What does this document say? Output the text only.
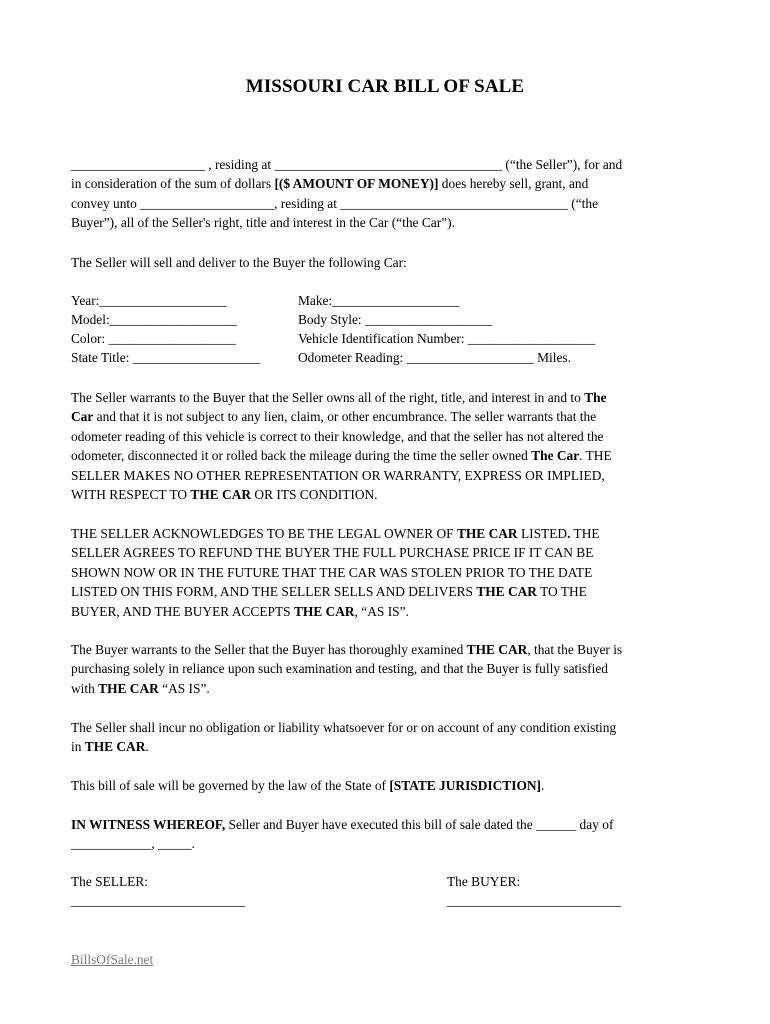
MISSOURI CAR BILL OF SALE
____________________ , residing at __________________________________ (“the Seller”), for and
in consideration of the sum of dollars [($ AMOUNT OF MONEY)] does hereby sell, grant, and
convey unto ____________________, residing at __________________________________ (“the
Buyer”), all of the Seller's right, title and interest in the Car (“the Car”).
The Seller will sell and deliver to the Buyer the following Car:
Year:___________________	Make:___________________
Model:___________________	Body Style: ___________________
Color: ___________________	Vehicle Identification Number: ___________________
State Title: ___________________	Odometer Reading: ___________________ Miles.
The Seller warrants to the Buyer that the Seller owns all of the right, title, and interest in and to The
Car and that it is not subject to any lien, claim, or other encumbrance. The seller warrants that the
odometer reading of this vehicle is correct to their knowledge, and that the seller has not altered the
odometer, disconnected it or rolled back the mileage during the time the seller owned The Car. THE
SELLER MAKES NO OTHER REPRESENTATION OR WARRANTY, EXPRESS OR IMPLIED,
WITH RESPECT TO THE CAR OR ITS CONDITION.
THE SELLER ACKNOWLEDGES TO BE THE LEGAL OWNER OF THE CAR LISTED. THE
SELLER AGREES TO REFUND THE BUYER THE FULL PURCHASE PRICE IF IT CAN BE
SHOWN NOW OR IN THE FUTURE THAT THE CAR WAS STOLEN PRIOR TO THE DATE
LISTED ON THIS FORM, AND THE SELLER SELLS AND DELIVERS THE CAR TO THE
BUYER, AND THE BUYER ACCEPTS THE CAR, “AS IS”.
The Buyer warrants to the Seller that the Buyer has thoroughly examined THE CAR, that the Buyer is
purchasing solely in reliance upon such examination and testing, and that the Buyer is fully satisfied
with THE CAR “AS IS”.
The Seller shall incur no obligation or liability whatsoever for or on account of any condition existing
in THE CAR.
This bill of sale will be governed by the law of the State of [STATE JURISDICTION].
IN WITNESS WHEREOF, Seller and Buyer have executed this bill of sale dated the ______ day of
____________, _____.
The SELLER:	The BUYER:
__________________________	__________________________
BillsOfSale.net
